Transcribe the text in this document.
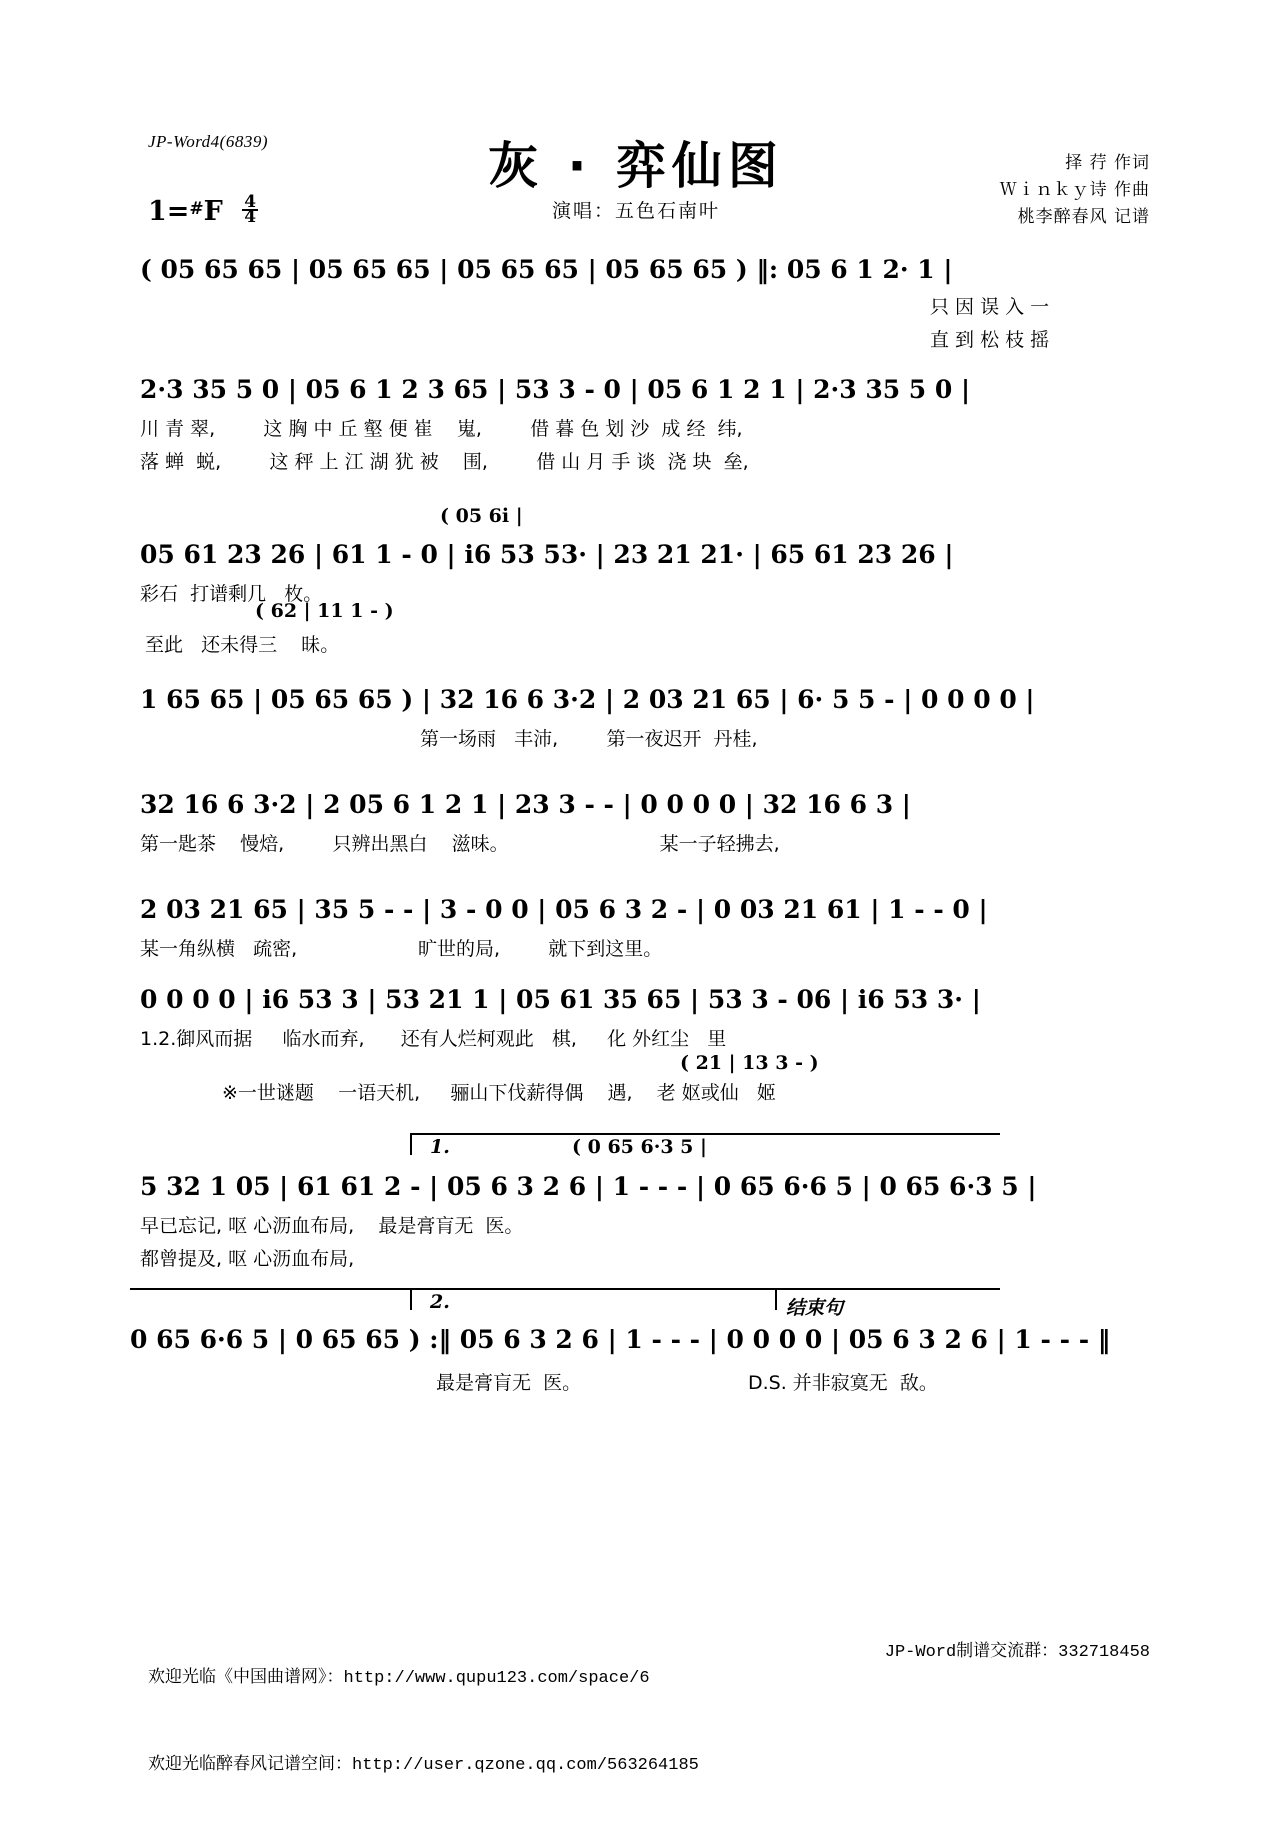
JP-Word4(6839)	灰 · 弈仙图
演唱：五色石南叶
择 荇 作词
Ｗｉｎｋｙ诗 作曲
桃李醉春风 记谱
$1=^{\#}F \frac{4}{4}$
( 05 65 65 | 05 65 65 | 05 65 65 | 05 65 65 ) ‖: 05 6 1 2· 1 |
只 因 误 入 一
直 到 松 枝 摇
2·3 35 5 0 | 05 6 1 2 3 65 | 53 3 - 0 | 05 6 1 2 1 | 2·3 35 5 0 |
川 青 翠,        这 胸 中 丘 壑 便 崔    嵬,        借 暮 色 划 沙  成 经  纬,
落 蝉  蜕,        这 秤 上 江 湖 犹 被    围,        借 山 月 手 谈  浇 块  垒,
( 05 6i |
05 61 23 26 | 61 1 - 0 | i6 53 53· | 23 21 21· | 65 61 23 26 |
彩石  打谱剩几   枚。
( 62 | 11 1 - )
至此   还未得三    昧。
1 65 65 | 05 65 65 ) | 32 16 6 3·2 | 2 03 21 65 | 6· 5 5 - | 0 0 0 0 |
第一场雨   丰沛,        第一夜迟开  丹桂,
32 16 6 3·2 | 2 05 6 1 2 1 | 23 3 - - | 0 0 0 0 | 32 16 6 3 |
第一匙茶    慢焙,        只辨出黑白    滋味。                         某一子轻拂去,
2 03 21 65 | 35 5 - - | 3 - 0 0 | 05 6 3 2 - | 0 03 21 61 | 1 - - 0 |
某一角纵横   疏密,                    旷世的局,        就下到这里。
0 0 0 0 | i6 53 3 | 53 21 1 | 05 61 35 65 | 53 3 - 06 | i6 53 3· |
1.2.御风而据     临水而弃,      还有人烂柯观此   棋,     化 外红尘   里
( 21 | 13 3 - )
※一世谜题    一语天机,     骊山下伐薪得偶    遇,    老 妪或仙   姬
1.	( 0 65 6·3 5 |
5 32 1 05 | 61 61 2 - | 05 6 3 2 6 | 1 - - - | 0 65 6·6 5 | 0 65 6·3 5 |
早已忘记, 呕 心沥血布局,    最是膏肓无  医。
都曾提及, 呕 心沥血布局,
2.	结束句
0 65 6·6 5 | 0 65 65 ) :‖ 05 6 3 2 6 | 1 - - - | 0 0 0 0 | 05 6 3 2 6 | 1 - - - ‖
最是膏肓无  医。	D.S. 并非寂寞无  敌。

欢迎光临《中国曲谱网》：http://www.qupu123.com/space/6

欢迎光临醉春风记谱空间：http://user.qzone.qq.com/563264185

JP-Word制谱交流群：332718458
